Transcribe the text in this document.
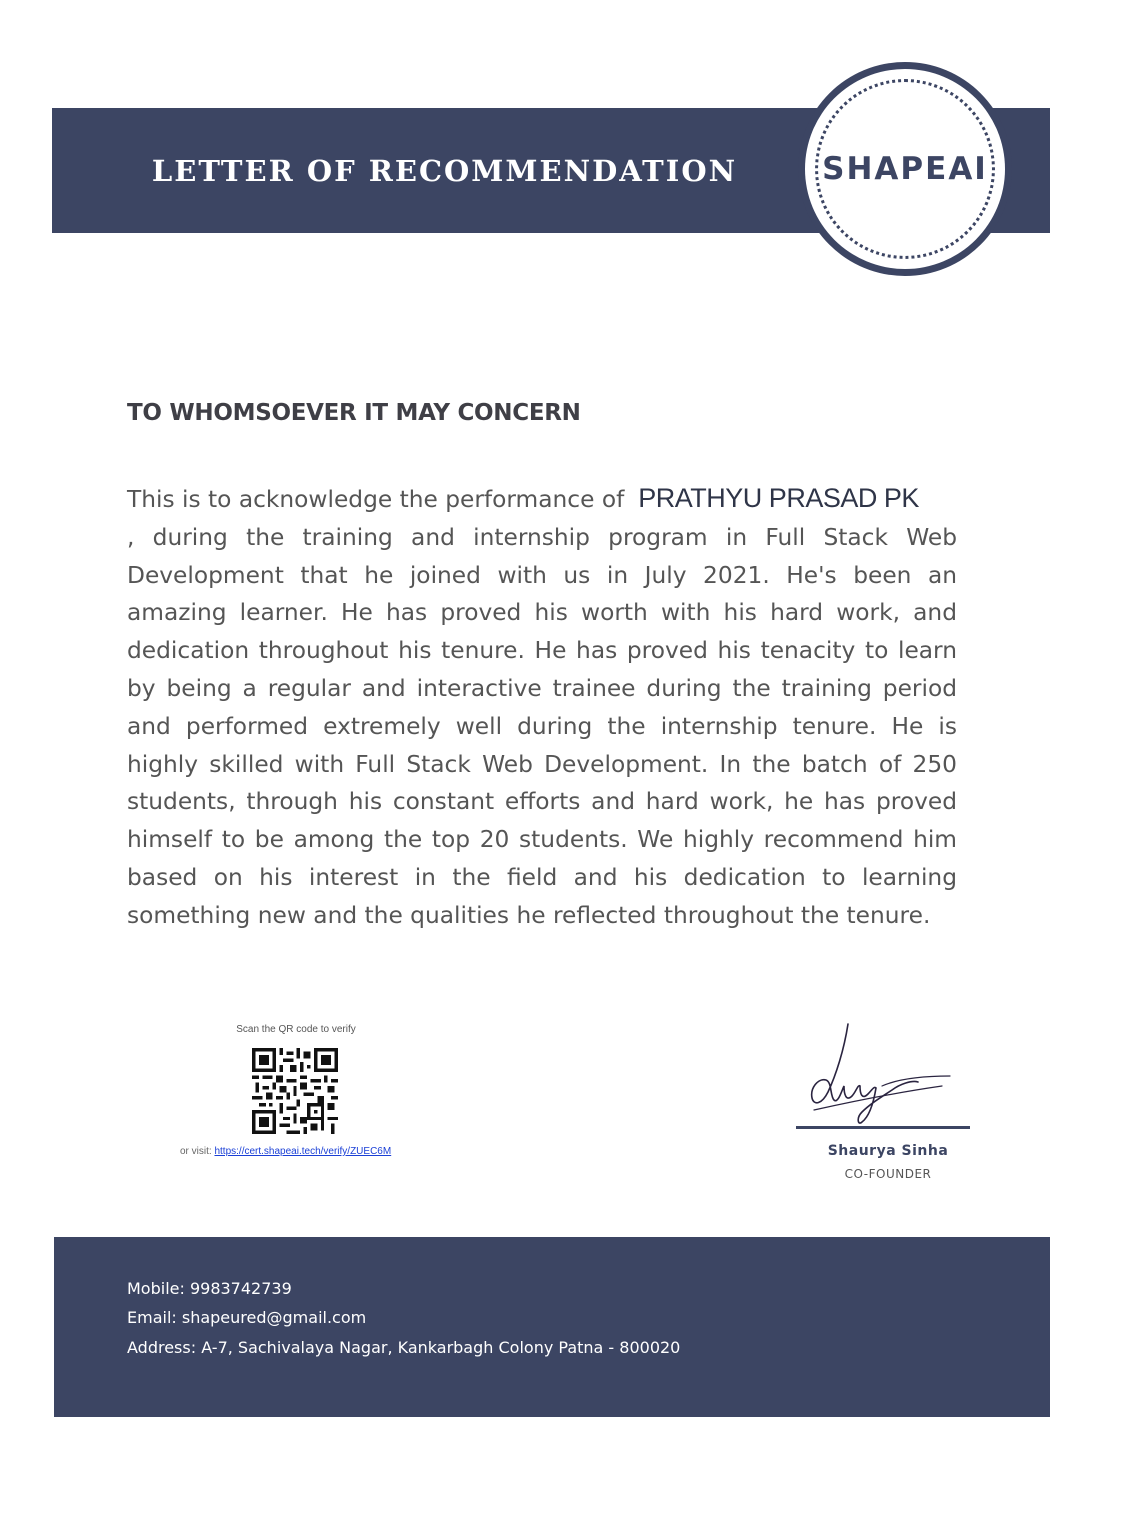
LETTER OF RECOMMENDATION	SHAPEAI
TO WHOMSOEVER IT MAY CONCERN
This is to acknowledge the performance of PRATHYU PRASAD PK
, during the training and internship program in Full Stack Web Development that he joined with us in July 2021. He's been an amazing learner. He has proved his worth with his hard work, and dedication throughout his tenure. He has proved his tenacity to learn by being a regular and interactive trainee during the training period and performed extremely well during the internship tenure. He is highly skilled with Full Stack Web Development. In the batch of 250 students, through his constant efforts and hard work, he has proved himself to be among the top 20 students. We highly recommend him based on his interest in the field and his dedication to learning something new and the qualities he reflected throughout the tenure.
Scan the QR code to verify
or visit: https://cert.shapeai.tech/verify/ZUEC6M	Shaurya Sinha
CO-FOUNDER
Mobile: 9983742739
Email: shapeured@gmail.com
Address: A-7, Sachivalaya Nagar, Kankarbagh Colony Patna - 800020
